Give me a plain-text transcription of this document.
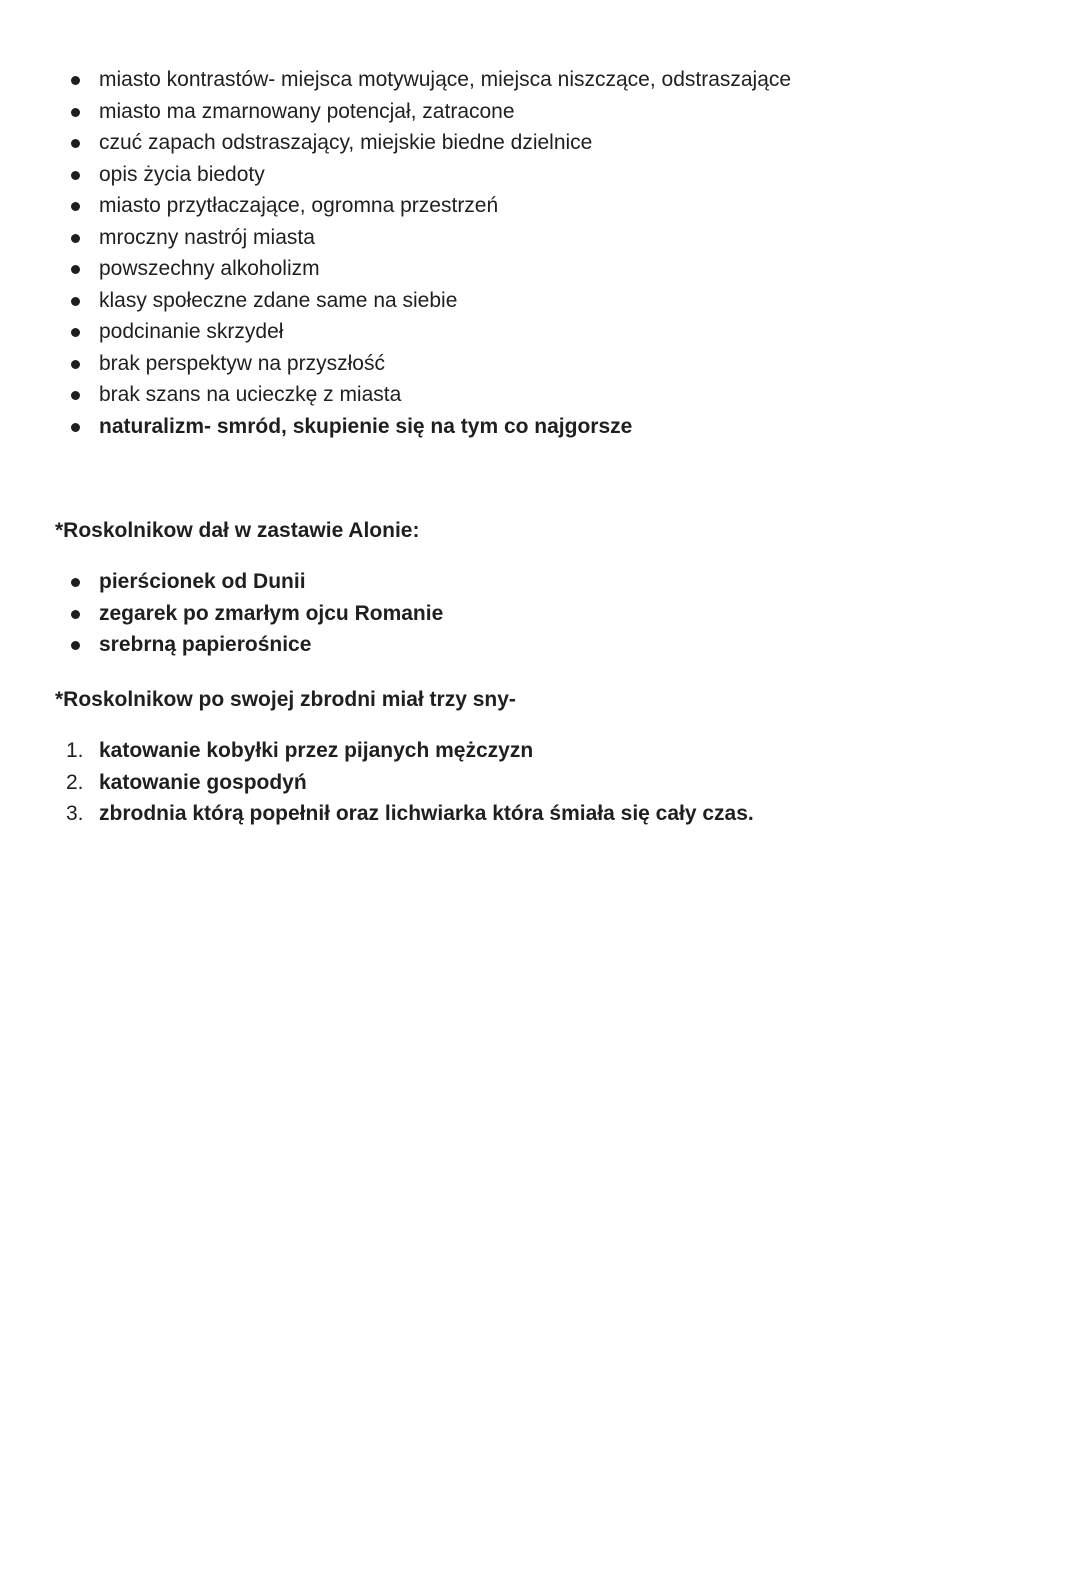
miasto kontrastów- miejsca motywujące, miejsca niszczące, odstraszające
miasto ma zmarnowany potencjał, zatracone
czuć zapach odstraszający, miejskie biedne dzielnice
opis życia biedoty
miasto przytłaczające, ogromna przestrzeń
mroczny nastrój miasta
powszechny alkoholizm
klasy społeczne zdane same na siebie
podcinanie skrzydeł
brak perspektyw na przyszłość
brak szans na ucieczkę z miasta
naturalizm- smród, skupienie się na tym co najgorsze
*Roskolnikow dał w zastawie Alonie:
pierścionek od Dunii
zegarek po zmarłym ojcu Romanie
srebrną papierośnice
*Roskolnikow po swojej zbrodni miał trzy sny-
1. katowanie kobyłki przez pijanych mężczyzn
2. katowanie gospodyń
3. zbrodnia którą popełnił oraz lichwiarka która śmiała się cały czas.
